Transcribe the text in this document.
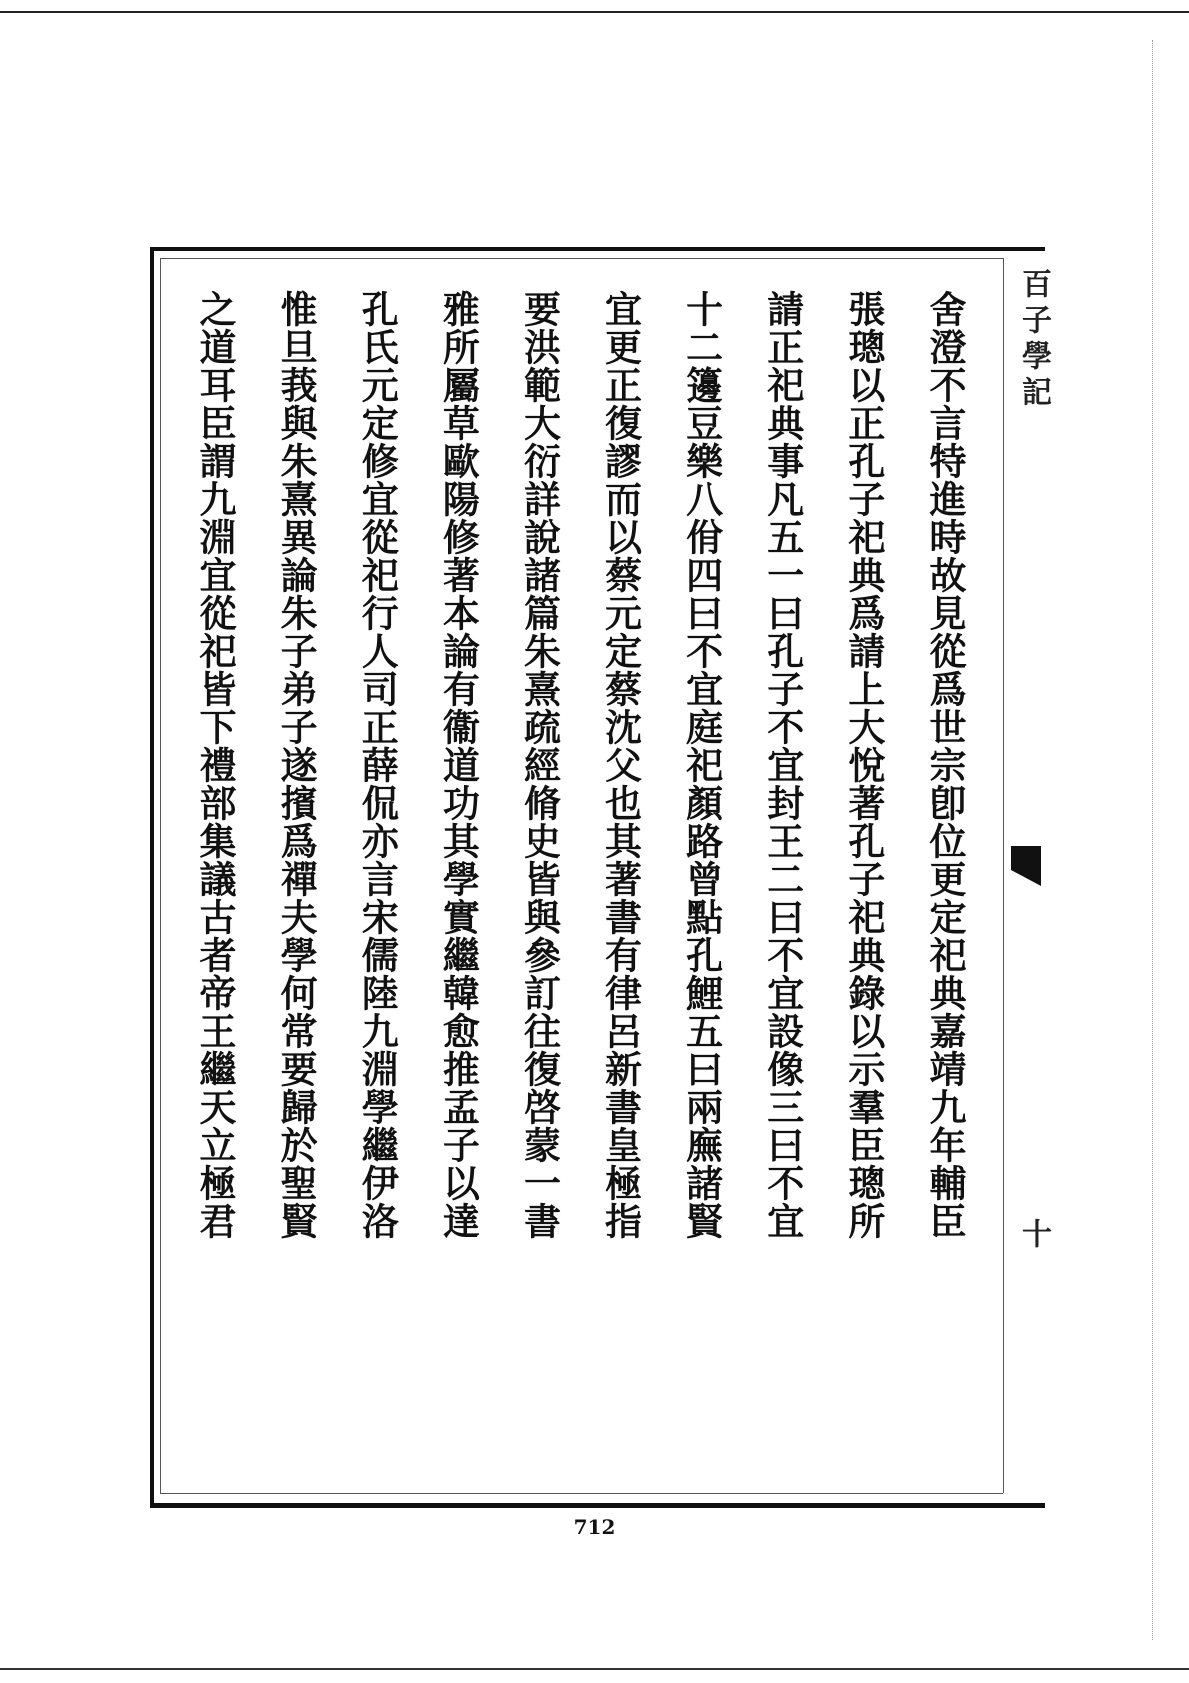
百子學記
十
舍澄不言特進時故見從爲世宗卽位更定祀典嘉靖九年輔臣
張璁以正孔子祀典爲請上大悅著孔子祀典錄以示羣臣璁所
請正祀典事凡五一曰孔子不宜封王二曰不宜設像三曰不宜
十二籩豆樂八佾四曰不宜庭祀顏路曾點孔鯉五曰兩廡諸賢
宜更正復謬而以蔡元定蔡沈父也其著書有律呂新書皇極指
要洪範大衍詳說諸篇朱熹疏經脩史皆與參訂往復啓蒙一書
雅所屬草歐陽修著本論有衞道功其學實繼韓愈推孟子以達
孔氏元定修宜從祀行人司正薛侃亦言宋儒陸九淵學繼伊洛
惟旦莪與朱熹異論朱子弟子遂擯爲禪夫學何常要歸於聖賢
之道耳臣謂九淵宜從祀皆下禮部集議古者帝王繼天立極君
712
